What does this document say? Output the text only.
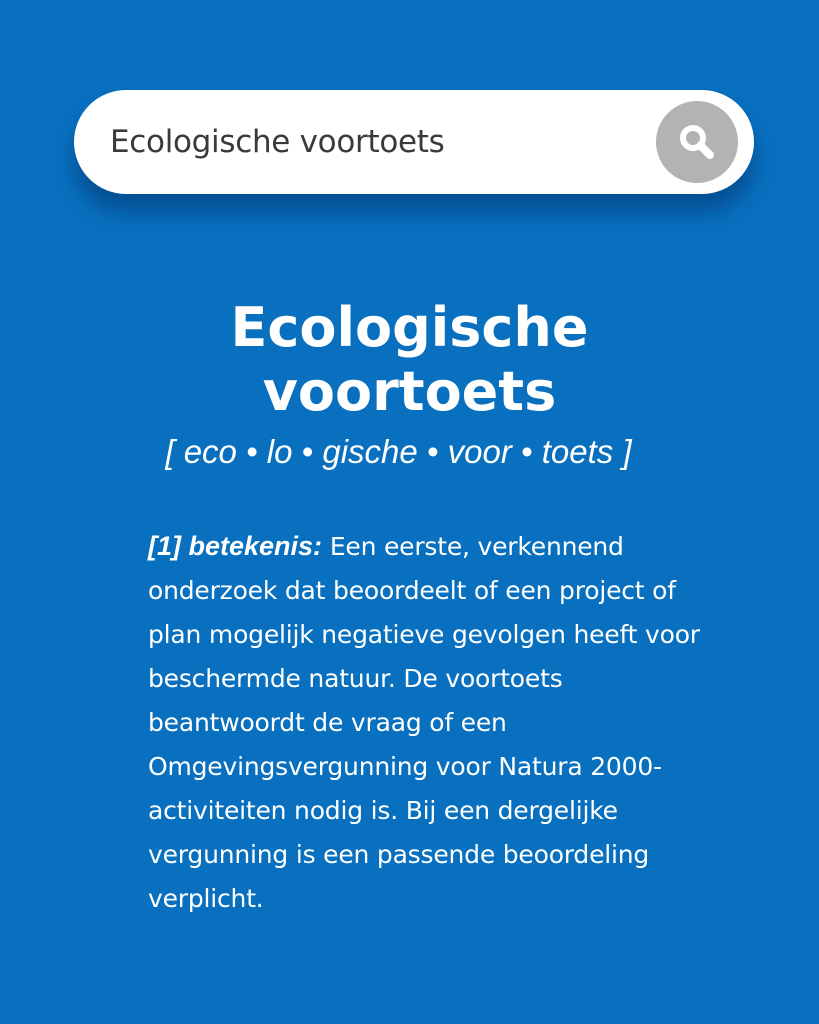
Ecologische voortoets
Ecologische
voortoets
[ eco • lo • gische • voor • toets ]
[1] betekenis: Een eerste, verkennend onderzoek dat beoordeelt of een project of plan mogelijk negatieve gevolgen heeft voor beschermde natuur. De voortoets beantwoordt de vraag of een Omgevingsvergunning voor Natura 2000-activiteiten nodig is. Bij een dergelijke vergunning is een passende beoordeling verplicht.
